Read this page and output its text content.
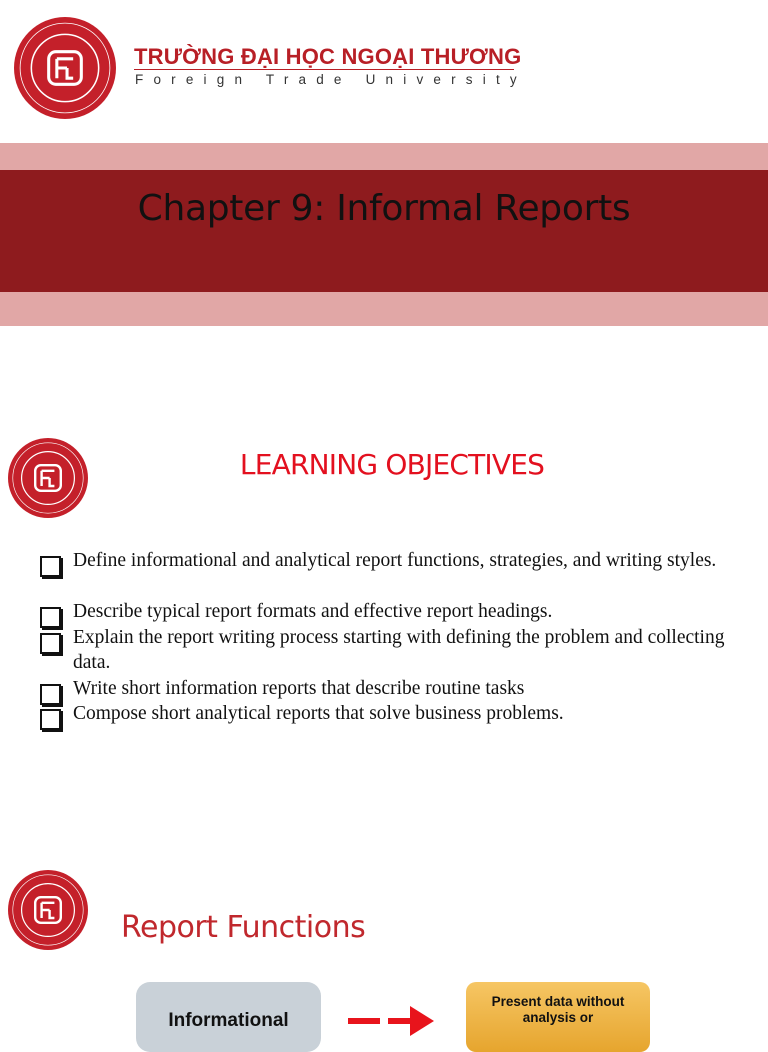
TRƯỜNG ĐẠI HỌC NGOẠI THƯƠNG
Foreign Trade University
Chapter 9: Informal Reports
LEARNING OBJECTIVES
Define informational and analytical report functions, strategies, and writing styles.
Describe typical report formats and effective report headings.
Explain the report writing process starting with defining the problem and collecting data.
Write short information reports that describe routine tasks
Compose short analytical reports that solve business problems.
Report Functions
Informational
Present data without analysis or
